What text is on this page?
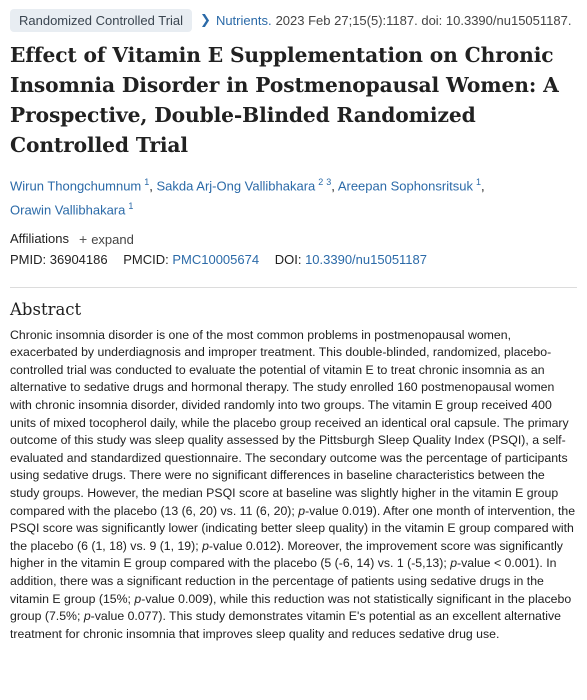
Randomized Controlled Trial	❯ Nutrients. 2023 Feb 27;15(5):1187. doi: 10.3390/nu15051187.
Effect of Vitamin E Supplementation on Chronic Insomnia Disorder in Postmenopausal Women: A Prospective, Double-Blinded Randomized Controlled Trial
Wirun Thongchumnum $^1$, Sakda Arj-Ong Vallibhakara $^2$ $^3$, Areepan Sophonsritsuk $^1$,
Orawin Vallibhakara $^1$
Affiliations + expand
PMID: 36904186 PMCID: PMC10005674 DOI: 10.3390/nu15051187
Abstract
Chronic insomnia disorder is one of the most common problems in postmenopausal women, exacerbated by underdiagnosis and improper treatment. This double-blinded, randomized, placebo-controlled trial was conducted to evaluate the potential of vitamin E to treat chronic insomnia as an alternative to sedative drugs and hormonal therapy. The study enrolled 160 postmenopausal women with chronic insomnia disorder, divided randomly into two groups. The vitamin E group received 400 units of mixed tocopherol daily, while the placebo group received an identical oral capsule. The primary outcome of this study was sleep quality assessed by the Pittsburgh Sleep Quality Index (PSQI), a self-evaluated and standardized questionnaire. The secondary outcome was the percentage of participants using sedative drugs. There were no significant differences in baseline characteristics between the study groups. However, the median PSQI score at baseline was slightly higher in the vitamin E group compared with the placebo (13 (6, 20) vs. 11 (6, 20); p-value 0.019). After one month of intervention, the PSQI score was significantly lower (indicating better sleep quality) in the vitamin E group compared with the placebo (6 (1, 18) vs. 9 (1, 19); p-value 0.012). Moreover, the improvement score was significantly higher in the vitamin E group compared with the placebo (5 (-6, 14) vs. 1 (-5,13); p-value < 0.001). In addition, there was a significant reduction in the percentage of patients using sedative drugs in the vitamin E group (15%; p-value 0.009), while this reduction was not statistically significant in the placebo group (7.5%; p-value 0.077). This study demonstrates vitamin E's potential as an excellent alternative treatment for chronic insomnia that improves sleep quality and reduces sedative drug use.
